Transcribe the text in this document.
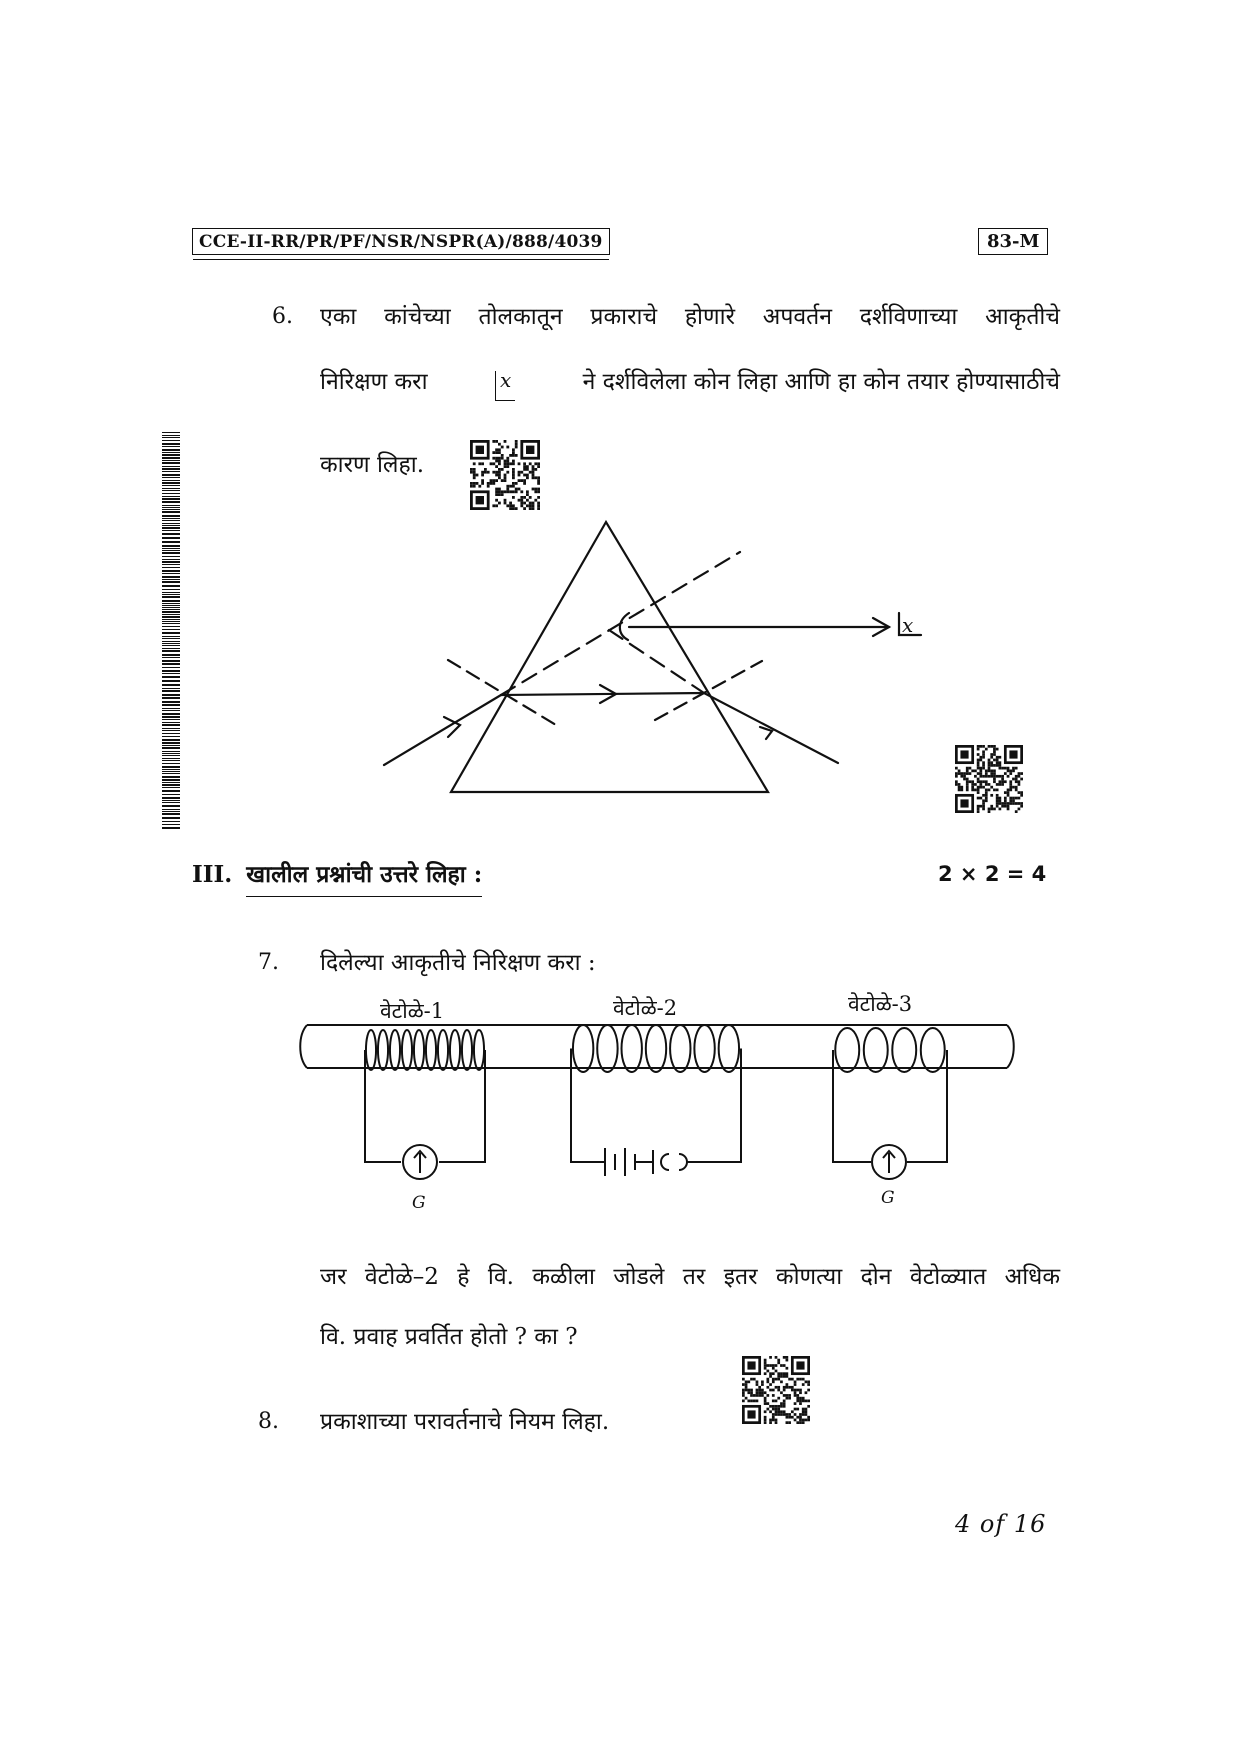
CCE-II-RR/PR/PF/NSR/NSPR(A)/888/4039	83-M
6. एका कांचेच्या तोलकातून प्रकाराचे होणारे अपवर्तन दर्शविणाच्या आकृतीचे
निरिक्षण करा	x	ने दर्शविलेला कोन लिहा आणि हा कोन तयार होण्यासाठीचे
कारण लिहा.
x
III. खालील प्रश्नांची उत्तरे लिहा :	2 × 2 = 4
7. दिलेल्या आकृतीचे निरिक्षण करा :
वेटोळे-1	वेटोळे-2	वेटोळे-3
G	G
जर वेटोळे–2 हे वि. कळीला जोडले तर इतर कोणत्या दोन वेटोळ्यात अधिक
वि. प्रवाह प्रवर्तित होतो ? का ?
8. प्रकाशाच्या परावर्तनाचे नियम लिहा.
4 of 16
